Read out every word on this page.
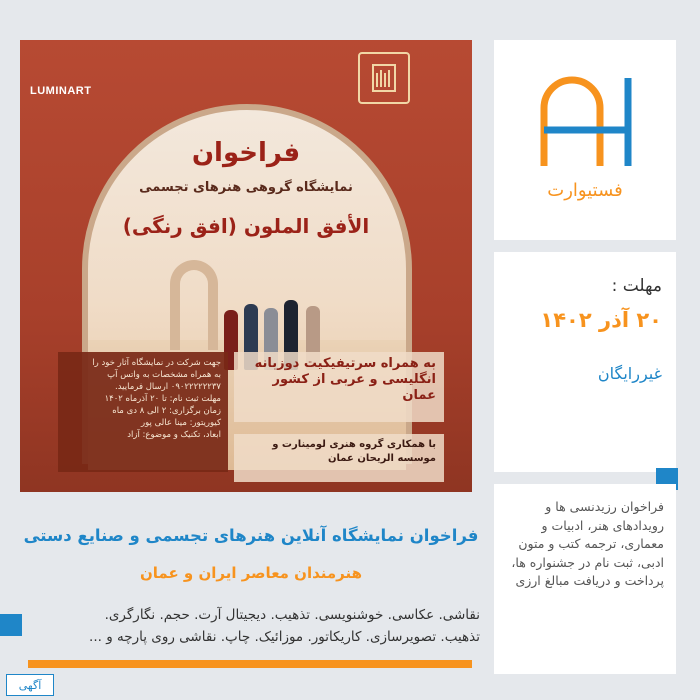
LUMINART
فراخوان
نمایشگاه گروهی هنرهای تجسمی
الأفق الملون (افق رنگی)
جهت شرکت در نمایشگاه آثار خود را
به همراه مشخصات به واتس آپ
۰۹۰۲۲۲۲۲۲۳۷ ارسال فرمایید.
مهلت ثبت نام: تا ۲۰ آذرماه ۱۴۰۲
زمان برگزاری: ۲ الی ۸ دی ماه
کیوریتور: مینا عالی پور
ابعاد، تکنیک و موضوع: آزاد
به همراه سرتیفیکیت دوزبانه انگلیسی و عربی از کشور عمان
با همکاری گروه هنری لومینارت و موسسه الریحان عمان
فستیوارت
مهلت :
۲۰ آذر ۱۴۰۲
غیررایگان
فراخوان رزیدنسی ها و رویدادهای هنر، ادبیات و معماری، ترجمه کتب و متون ادبی، ثبت نام در جشنواره ها، پرداخت و دریافت مبالغ ارزی
فراخوان نمایشگاه آنلاین هنرهای تجسمی و صنایع دستی
هنرمندان معاصر ایران و عمان
نقاشی. عکاسی. خوشنویسی. تذهیب. دیجیتال آرت. حجم. نگارگری.
تذهیب. تصویرسازی. کاریکاتور. موزائیک. چاپ. نقاشی روی پارچه و ...
آگهی
